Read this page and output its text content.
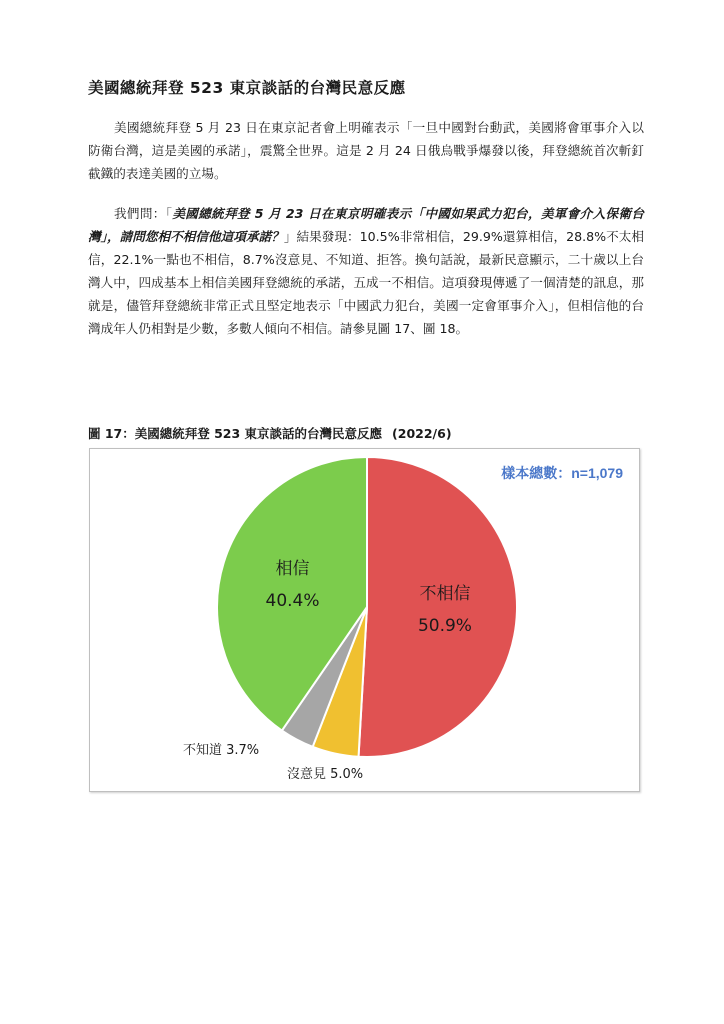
美國總統拜登 523 東京談話的台灣民意反應

美國總統拜登 5 月 23 日在東京記者會上明確表示「一旦中國對台動武，美國將會軍事介入以防衛台灣，這是美國的承諾」，震驚全世界。這是 2 月 24 日俄烏戰爭爆發以後，拜登總統首次斬釘截鐵的表達美國的立場。

我們問：「美國總統拜登 5 月 23 日在東京明確表示「中國如果武力犯台，美軍會介入保衛台灣」，請問您相不相信他這項承諾？」結果發現：10.5%非常相信，29.9%還算相信，28.8%不太相信，22.1%一點也不相信，8.7%沒意見、不知道、拒答。換句話說，最新民意顯示，二十歲以上台灣人中，四成基本上相信美國拜登總統的承諾，五成一不相信。這項發現傳遞了一個清楚的訊息，那就是，儘管拜登總統非常正式且堅定地表示「中國武力犯台，美國一定會軍事介入」，但相信他的台灣成年人仍相對是少數，多數人傾向不相信。請參見圖 17、圖 18。

圖 17：美國總統拜登 523 東京談話的台灣民意反應 (2022/6)
不相信
50.9%
沒意見 5.0%
不知道 3.7%
相信
40.4%
樣本總數：n=1,079
